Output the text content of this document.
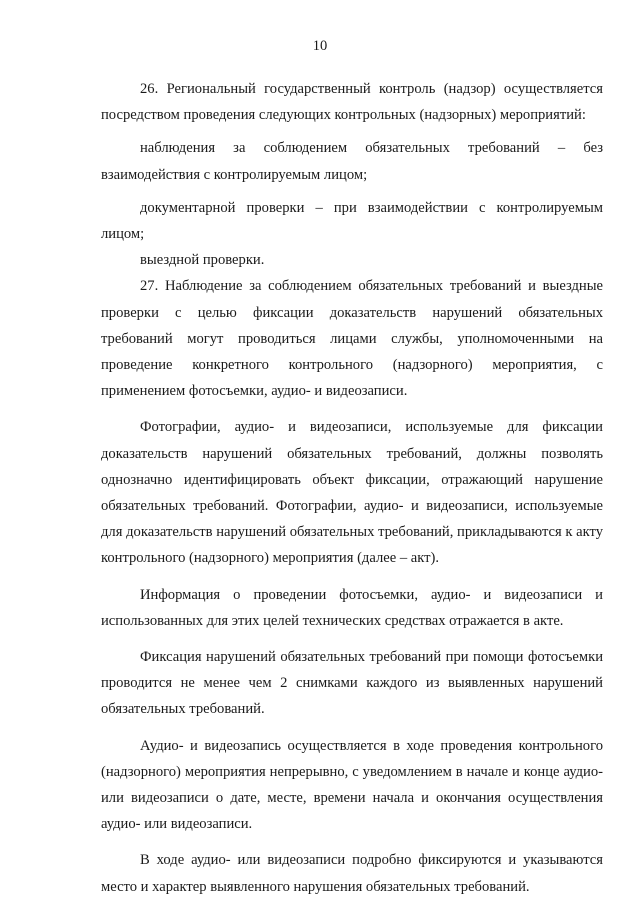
10

26. Региональный государственный контроль (надзор) осуществляется посредством проведения следующих контрольных (надзорных) мероприятий:

наблюдения за соблюдением обязательных требований – без взаимодействия с контролируемым лицом;

документарной проверки – при взаимодействии с контролируемым лицом;

выездной проверки.

27. Наблюдение за соблюдением обязательных требований и выездные проверки с целью фиксации доказательств нарушений обязательных требований могут проводиться лицами службы, уполномоченными на проведение конкретного контрольного (надзорного) мероприятия, с применением фотосъемки, аудио- и видеозаписи.

Фотографии, аудио- и видеозаписи, используемые для фиксации доказательств нарушений обязательных требований, должны позволять однозначно идентифицировать объект фиксации, отражающий нарушение обязательных требований. Фотографии, аудио- и видеозаписи, используемые для доказательств нарушений обязательных требований, прикладываются к акту контрольного (надзорного) мероприятия (далее – акт).

Информация о проведении фотосъемки, аудио- и видеозаписи и использованных для этих целей технических средствах отражается в акте.

Фиксация нарушений обязательных требований при помощи фотосъемки проводится не менее чем 2 снимками каждого из выявленных нарушений обязательных требований.

Аудио- и видеозапись осуществляется в ходе проведения контрольного (надзорного) мероприятия непрерывно, с уведомлением в начале и конце аудио- или видеозаписи о дате, месте, времени начала и окончания осуществления аудио- или видеозаписи.

В ходе аудио- или видеозаписи подробно фиксируются и указываются место и характер выявленного нарушения обязательных требований.
